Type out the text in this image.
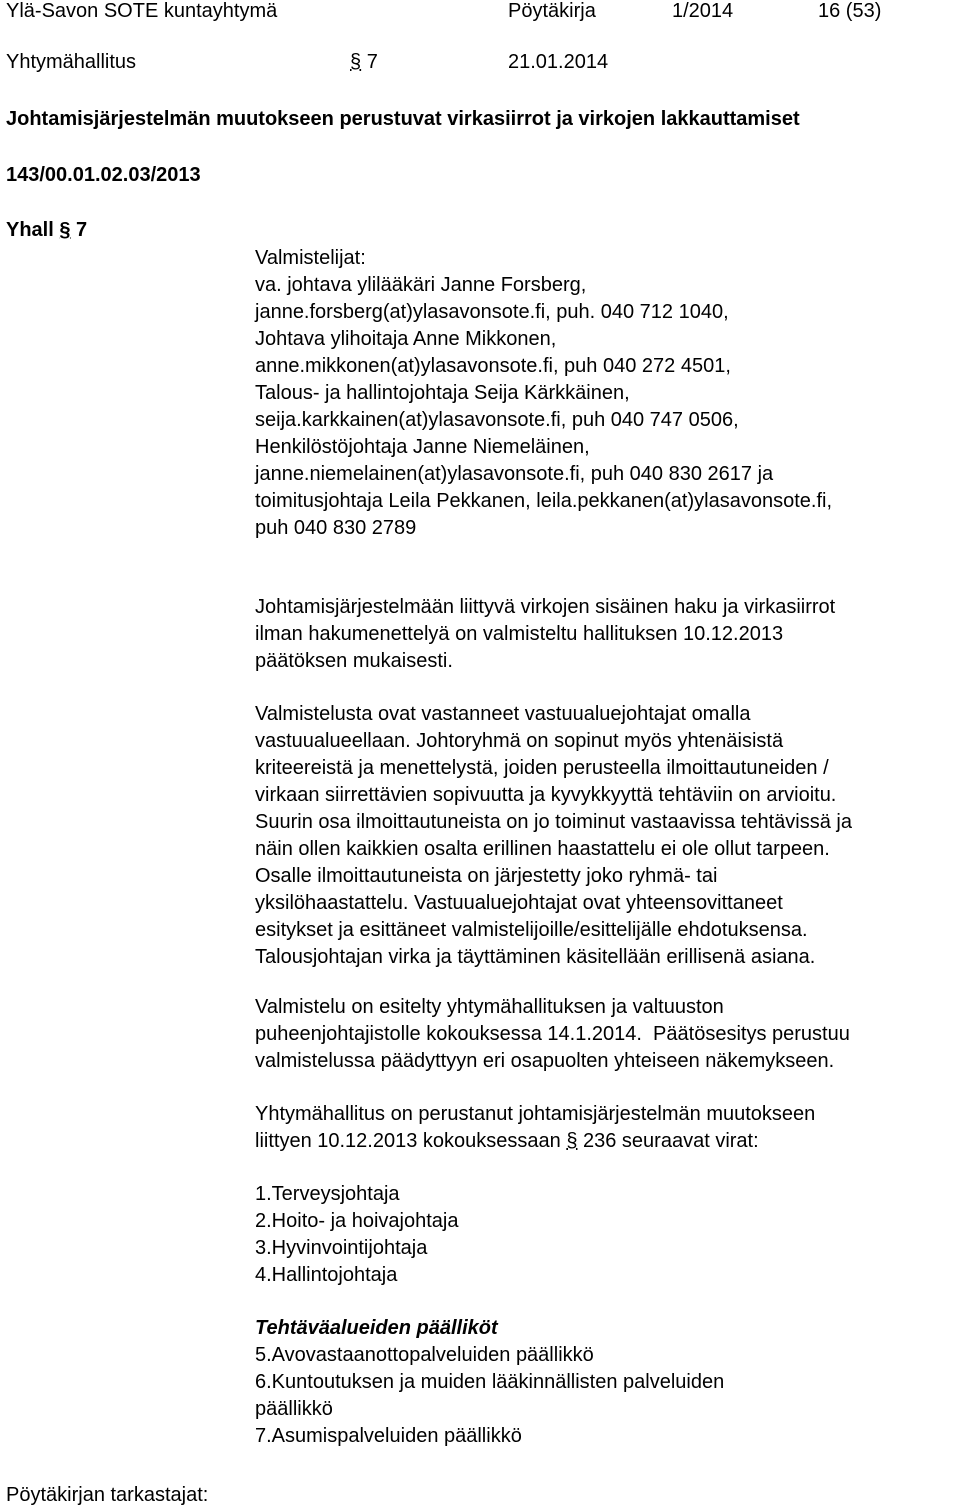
Ylä-Savon SOTE kuntayhtymä	Pöytäkirja	1/2014	16 (53)
Yhtymähallitus	§ 7	21.01.2014
Johtamisjärjestelmän muutokseen perustuvat virkasiirrot ja virkojen lakkauttamiset
143/00.01.02.03/2013
Yhall § 7
Valmistelijat:
va. johtava ylilääkäri Janne Forsberg,
janne.forsberg(at)ylasavonsote.fi, puh. 040 712 1040,
Johtava ylihoitaja Anne Mikkonen,
anne.mikkonen(at)ylasavonsote.fi, puh 040 272 4501,
Talous- ja hallintojohtaja Seija Kärkkäinen,
seija.karkkainen(at)ylasavonsote.fi, puh 040 747 0506,
Henkilöstöjohtaja Janne Niemeläinen,
janne.niemelainen(at)ylasavonsote.fi, puh 040 830 2617 ja
toimitusjohtaja Leila Pekkanen, leila.pekkanen(at)ylasavonsote.fi,
puh 040 830 2789
Johtamisjärjestelmään liittyvä virkojen sisäinen haku ja virkasiirrot
ilman hakumenettelyä on valmisteltu hallituksen 10.12.2013
päätöksen mukaisesti.
Valmistelusta ovat vastanneet vastuualuejohtajat omalla
vastuualueellaan. Johtoryhmä on sopinut myös yhtenäisistä
kriteereistä ja menettelystä, joiden perusteella ilmoittautuneiden /
virkaan siirrettävien sopivuutta ja kyvykkyyttä tehtäviin on arvioitu.
Suurin osa ilmoittautuneista on jo toiminut vastaavissa tehtävissä ja
näin ollen kaikkien osalta erillinen haastattelu ei ole ollut tarpeen.
Osalle ilmoittautuneista on järjestetty joko ryhmä- tai
yksilöhaastattelu. Vastuualuejohtajat ovat yhteensovittaneet
esitykset ja esittäneet valmistelijoille/esittelijälle ehdotuksensa.
Talousjohtajan virka ja täyttäminen käsitellään erillisenä asiana.
Valmistelu on esitelty yhtymähallituksen ja valtuuston
puheenjohtajistolle kokouksessa 14.1.2014.  Päätösesitys perustuu
valmistelussa päädyttyyn eri osapuolten yhteiseen näkemykseen.
Yhtymähallitus on perustanut johtamisjärjestelmän muutokseen
liittyen 10.12.2013 kokouksessaan § 236 seuraavat virat:
1.Terveysjohtaja
2.Hoito- ja hoivajohtaja
3.Hyvinvointijohtaja
4.Hallintojohtaja
Tehtäväalueiden päälliköt
5.Avovastaanottopalveluiden päällikkö
6.Kuntoutuksen ja muiden lääkinnällisten palveluiden
päällikkö
7.Asumispalveluiden päällikkö
Pöytäkirjan tarkastajat:
